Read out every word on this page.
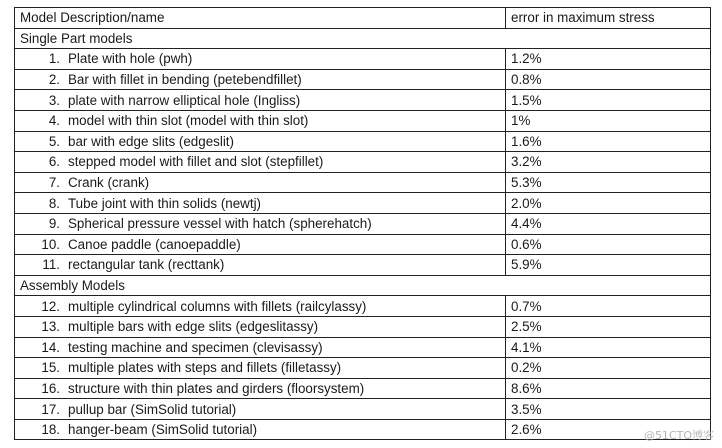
Model Description/name	error in maximum stress
Single Part models	

1. Plate with hole (pwh)	1.2%

2. Bar with fillet in bending (petebendfillet)	0.8%

3. plate with narrow elliptical hole (Ingliss)	1.5%

4. model with thin slot (model with thin slot)	1%

5. bar with edge slits (edgeslit)	1.6%

6. stepped model with fillet and slot (stepfillet)	3.2%

7. Crank (crank)	5.3%

8. Tube joint with thin solids (newtj)	2.0%

9. Spherical pressure vessel with hatch (spherehatch)	4.4%

10. Canoe paddle (canoepaddle)	0.6%

11. rectangular tank (recttank)	5.9%
Assembly Models	

12. multiple cylindrical columns with fillets (railcylassy)	0.7%

13. multiple bars with edge slits (edgeslitassy)	2.5%

14. testing machine and specimen (clevisassy)	4.1%

15. multiple plates with steps and fillets (filletassy)	0.2%

16. structure with thin plates and girders (floorsystem)	8.6%

17. pullup bar (SimSolid tutorial)	3.5%

18. hanger-beam (SimSolid tutorial)	2.6%	@51CTO博客
